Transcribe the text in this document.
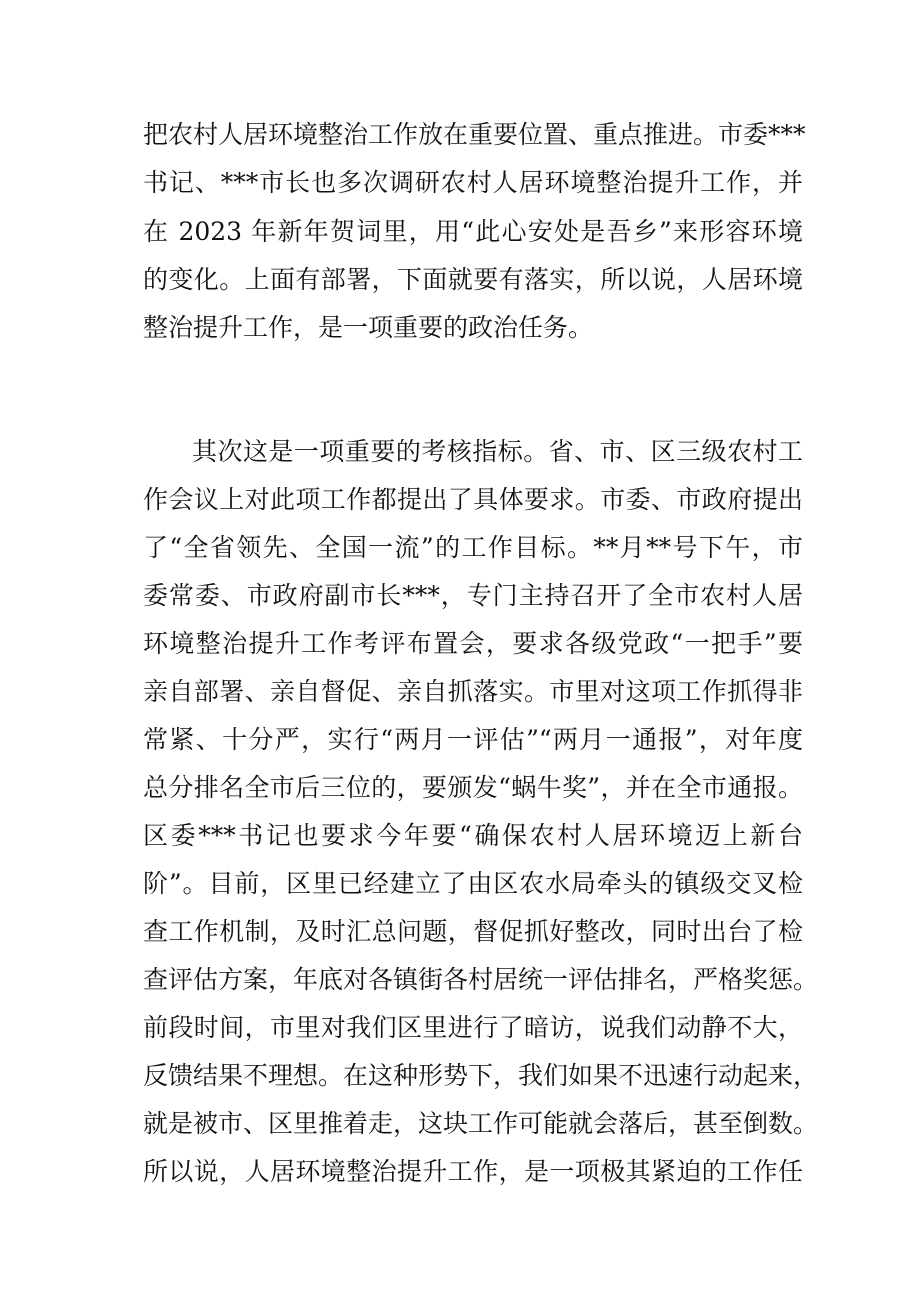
把农村人居环境整治工作放在重要位置、重点推进。市委***
书记、***市长也多次调研农村人居环境整治提升工作，并
在 2023 年新年贺词里，用“此心安处是吾乡”来形容环境
的变化。上面有部署，下面就要有落实，所以说，人居环境
整治提升工作，是一项重要的政治任务。
其次这是一项重要的考核指标。省、市、区三级农村工
作会议上对此项工作都提出了具体要求。市委、市政府提出
了“全省领先、全国一流”的工作目标。**月**号下午，市
委常委、市政府副市长***，专门主持召开了全市农村人居
环境整治提升工作考评布置会，要求各级党政“一把手”要
亲自部署、亲自督促、亲自抓落实。市里对这项工作抓得非
常紧、十分严，实行“两月一评估”“两月一通报”，对年度
总分排名全市后三位的，要颁发“蜗牛奖”，并在全市通报。
区委***书记也要求今年要“确保农村人居环境迈上新台
阶”。目前，区里已经建立了由区农水局牵头的镇级交叉检
查工作机制，及时汇总问题，督促抓好整改，同时出台了检
查评估方案，年底对各镇街各村居统一评估排名，严格奖惩。
前段时间，市里对我们区里进行了暗访，说我们动静不大，
反馈结果不理想。在这种形势下，我们如果不迅速行动起来，
就是被市、区里推着走，这块工作可能就会落后，甚至倒数。
所以说，人居环境整治提升工作，是一项极其紧迫的工作任
